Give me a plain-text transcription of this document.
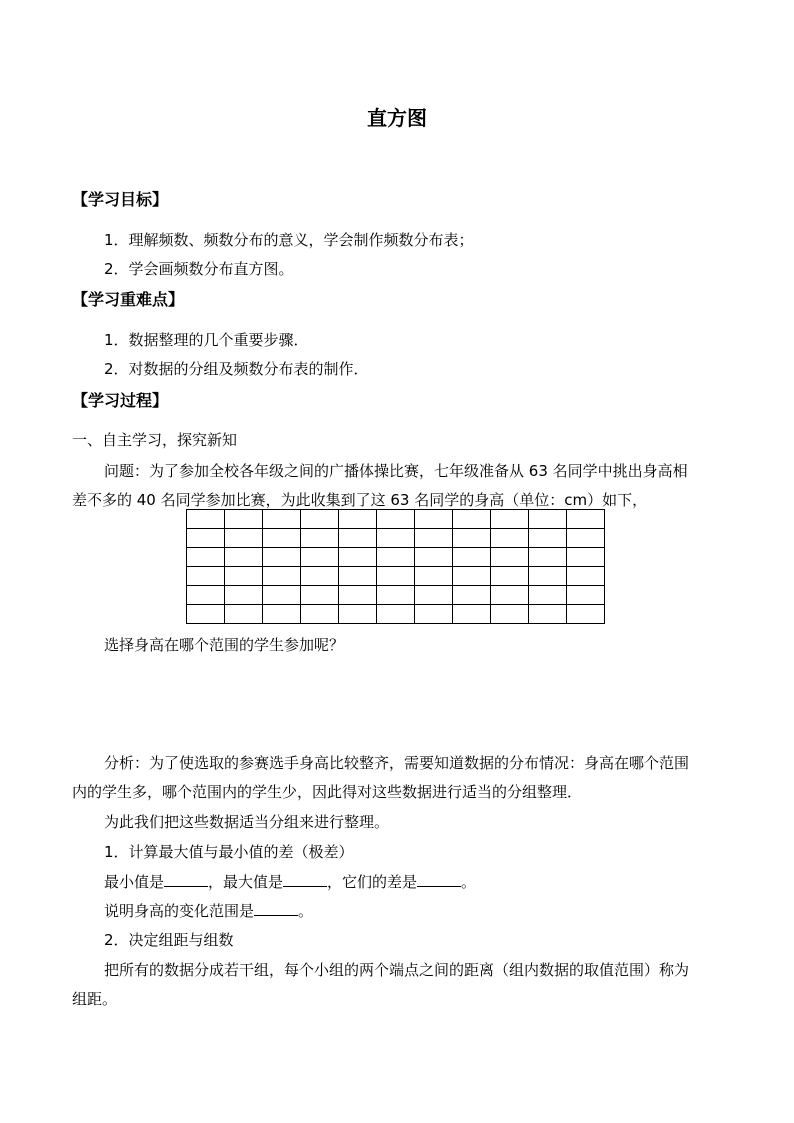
直方图
【学习目标】
1．理解频数、频数分布的意义，学会制作频数分布表；
2．学会画频数分布直方图。
【学习重难点】
1．数据整理的几个重要步骤．
2．对数据的分组及频数分布表的制作．
【学习过程】
一、自主学习，探究新知
问题：为了参加全校各年级之间的广播体操比赛，七年级准备从 63 名同学中挑出身高相
差不多的 40 名同学参加比赛，为此收集到了这 63 名同学的身高（单位：cm）如下，

选择身高在哪个范围的学生参加呢？
分析：为了使选取的参赛选手身高比较整齐，需要知道数据的分布情况：身高在哪个范围
内的学生多，哪个范围内的学生少，因此得对这些数据进行适当的分组整理．
为此我们把这些数据适当分组来进行整理。
1．计算最大值与最小值的差（极差）
最小值是	，最大值是	，它们的差是	。
说明身高的变化范围是	。
2．决定组距与组数
把所有的数据分成若干组，每个小组的两个端点之间的距离（组内数据的取值范围）称为
组距。
